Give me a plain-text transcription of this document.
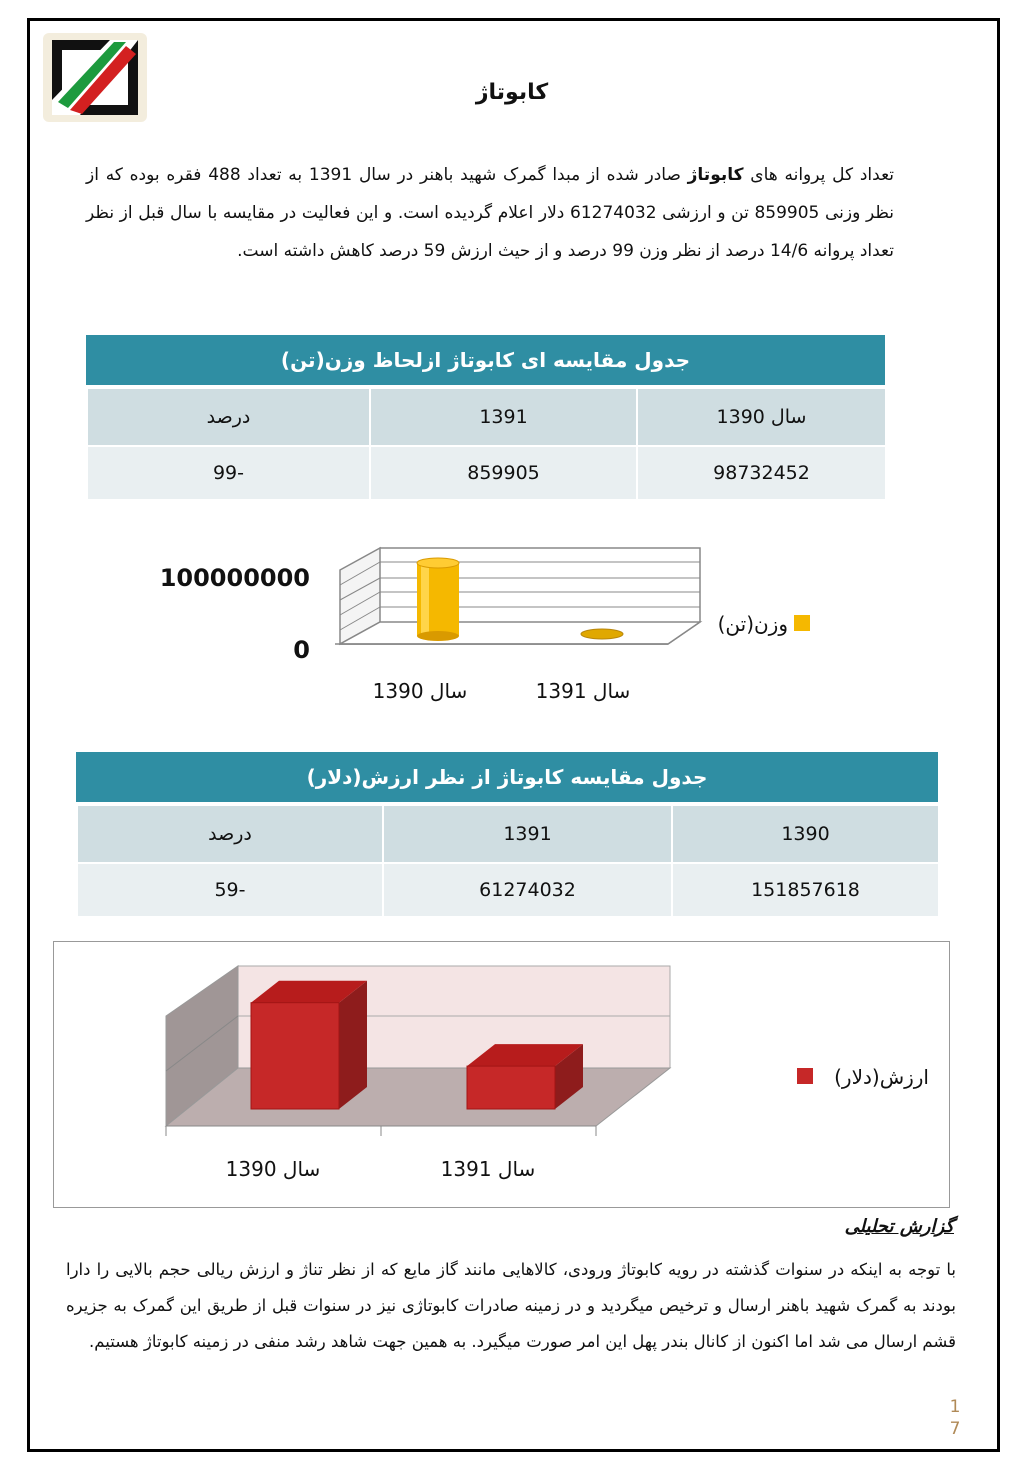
کابوتاژ
تعداد کل پروانه های کابوتاژ صادر شده از مبدا گمرک شهید باهنر در سال 1391 به تعداد 488 فقره بوده که از نظر وزنی 859905 تن و ارزشی 61274032 دلار اعلام گردیده است. و این فعالیت در مقایسه با سال قبل از نظر تعداد پروانه 14/6 درصد از نظر وزن 99 درصد و از حیث ارزش 59 درصد کاهش داشته است.
جدول مقایسه ای کابوتاژ ازلحاظ وزن(تن)		
سال 1390	1391	درصد
98732452	859905	-99
0
100000000
سال 1390	سال 1391
وزن(تن)
جدول مقایسه کابوتاژ از نظر ارزش(دلار)		
1390	1391	درصد
151857618	61274032	-59
سال 1390	سال 1391
ارزش(دلار)
گزارش تحلیلی
با توجه به اینکه در سنوات گذشته در رویه کابوتاژ ورودی، کالاهایی مانند گاز مایع که از نظر تناژ و ارزش ریالی حجم بالایی را دارا بودند به گمرک شهید باهنر ارسال و ترخیص میگردید و در زمینه صادرات کابوتاژی نیز در سنوات قبل از طریق این گمرک به جزیره قشم ارسال می شد اما اکنون از کانال بندر پهل این امر صورت میگیرد. به همین جهت شاهد رشد منفی در زمینه کابوتاژ هستیم.
1
7
